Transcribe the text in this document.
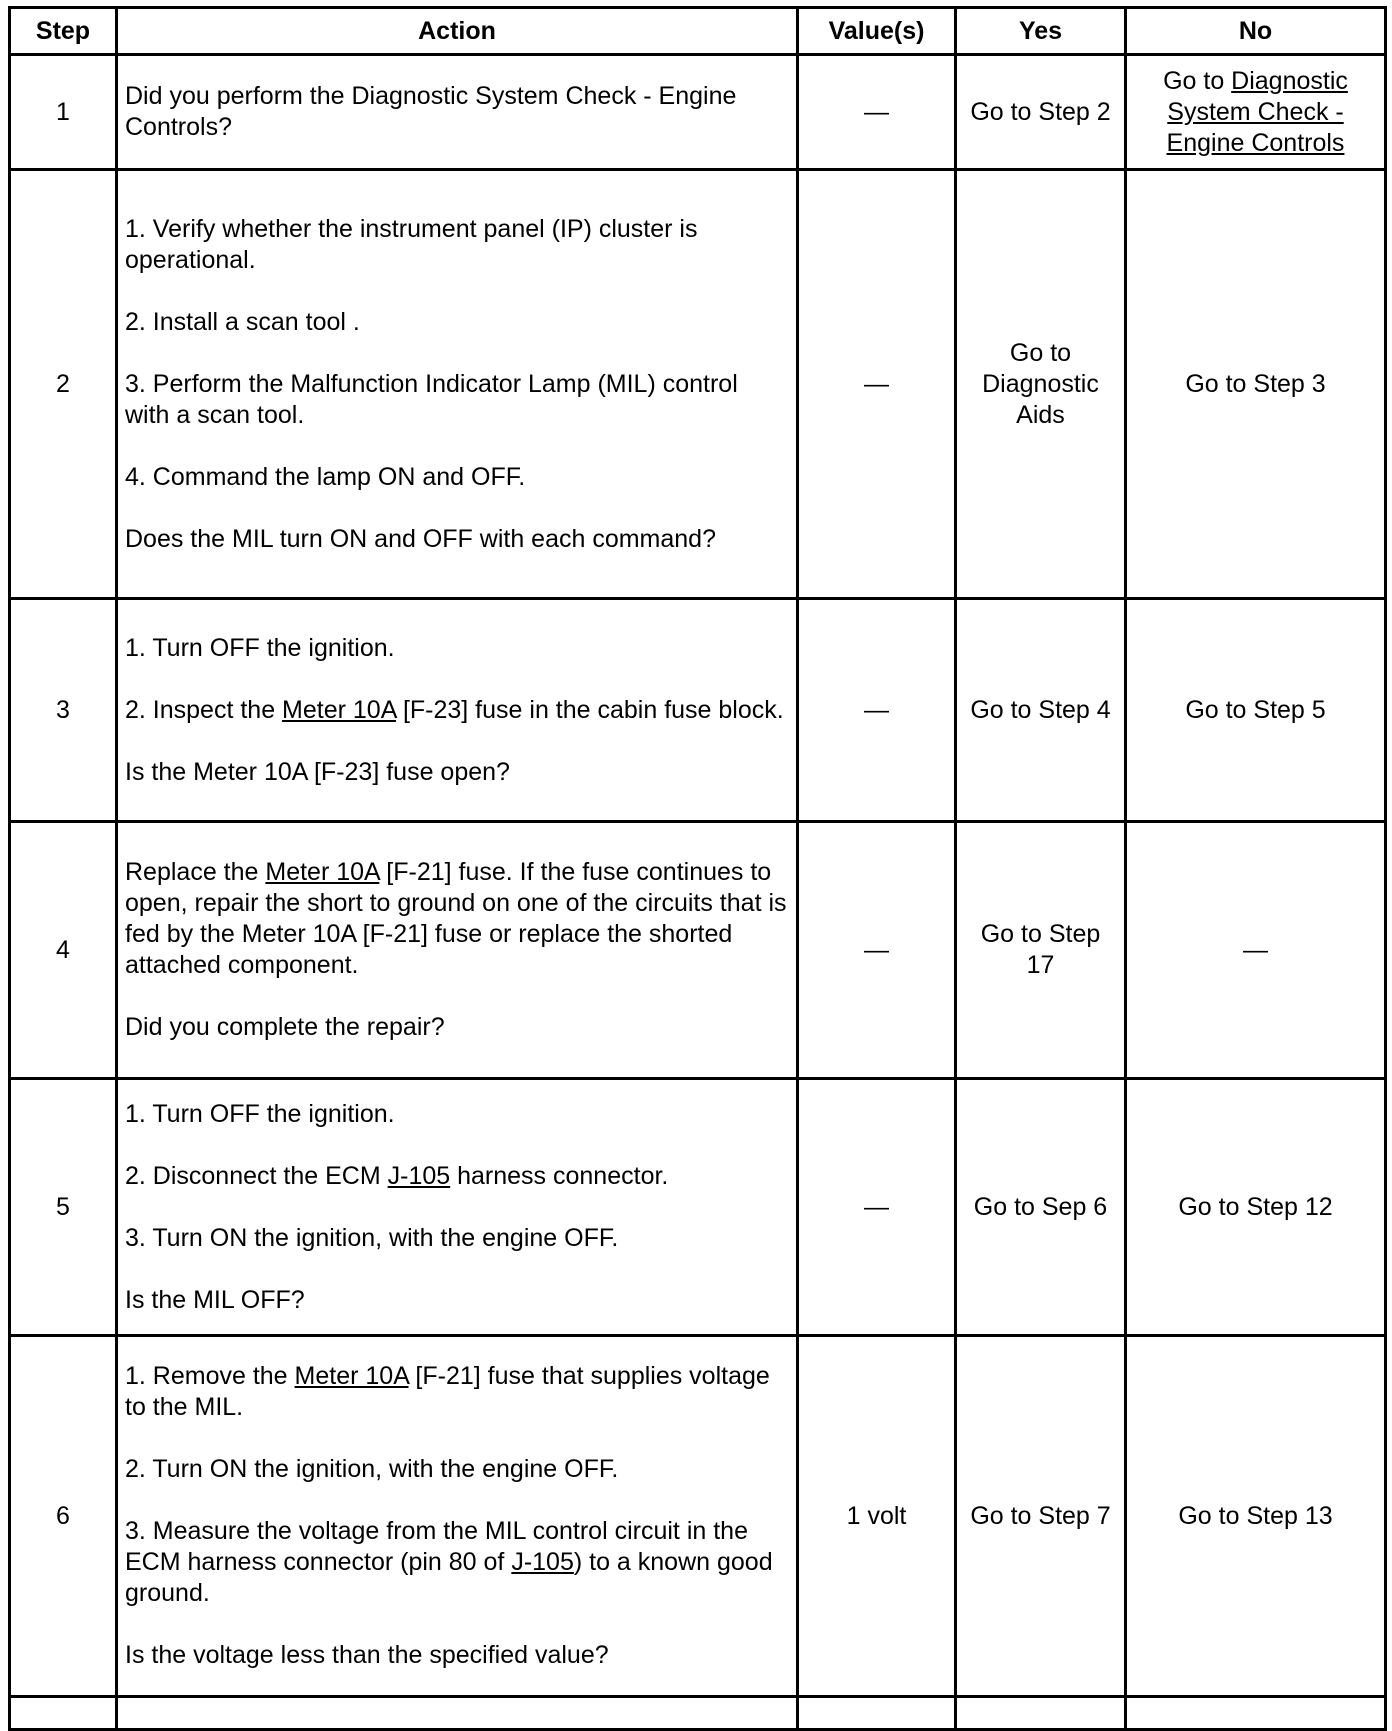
Step	Action	Value(s)	Yes	No
1	Did you perform the Diagnostic System Check - Engine Controls?	—	Go to Step 2	Go to Diagnostic System Check - Engine Controls
2	1. Verify whether the instrument panel (IP) cluster is operational.

2. Install a scan tool .

3. Perform the Malfunction Indicator Lamp (MIL) control with a scan tool.

4. Command the lamp ON and OFF.

Does the MIL turn ON and OFF with each command?	—	Go to Diagnostic Aids	Go to Step 3
3	1. Turn OFF the ignition.

2. Inspect the Meter 10A [F-23] fuse in the cabin fuse block.

Is the Meter 10A [F-23] fuse open?	—	Go to Step 4	Go to Step 5
4	Replace the Meter 10A [F-21] fuse. If the fuse continues to open, repair the short to ground on one of the circuits that is fed by the Meter 10A [F-21] fuse or replace the shorted attached component.

Did you complete the repair?	—	Go to Step 17	—
5	1. Turn OFF the ignition.

2. Disconnect the ECM J-105 harness connector.

3. Turn ON the ignition, with the engine OFF.

Is the MIL OFF?	—	Go to Sep 6	Go to Step 12
6	1. Remove the Meter 10A [F-21] fuse that supplies voltage to the MIL.

2. Turn ON the ignition, with the engine OFF.

3. Measure the voltage from the MIL control circuit in the ECM harness connector (pin 80 of J-105) to a known good ground.

Is the voltage less than the specified value?	1 volt	Go to Step 7	Go to Step 13
